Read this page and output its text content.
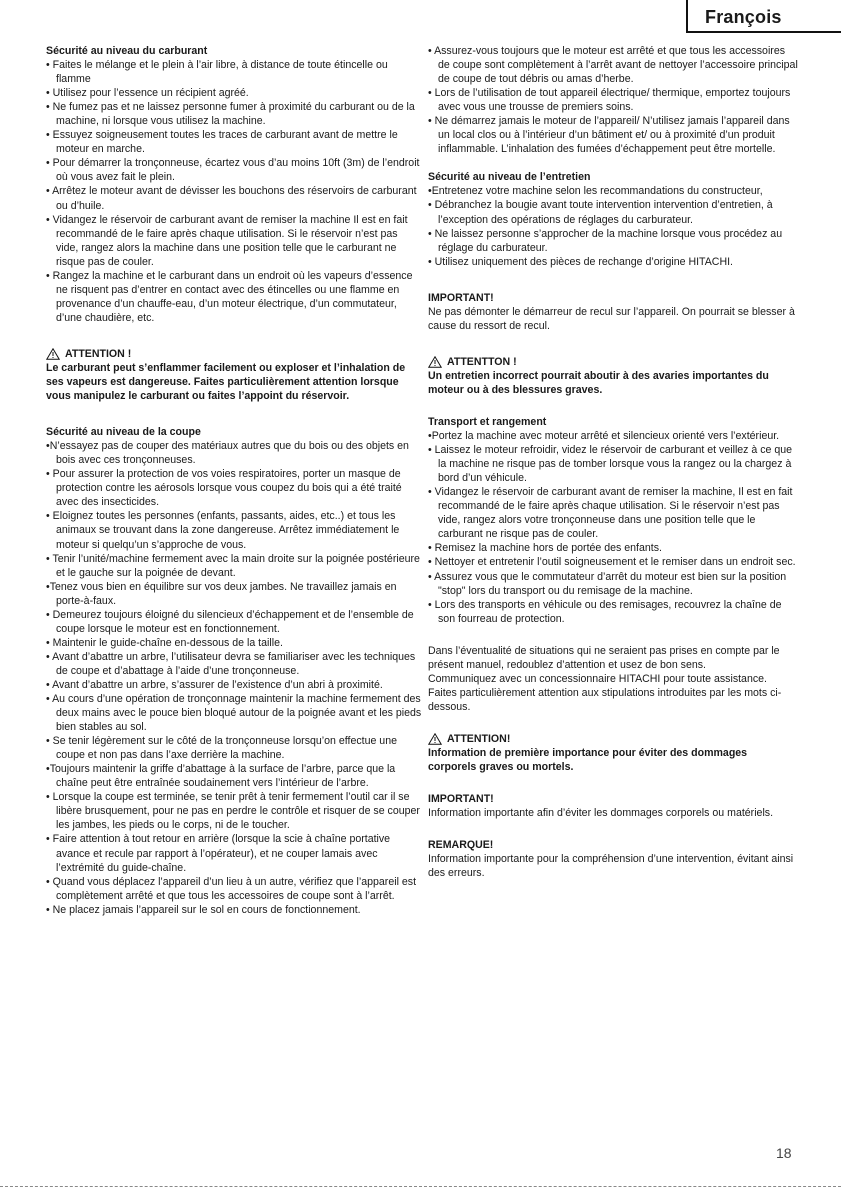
François

Sécurité au niveau du carburant

• Faites le mélange et le plein à l’air libre, à distance de toute étincelle ou flamme

• Utilisez pour l’essence un récipient agréé.

• Ne fumez pas et ne laissez personne fumer à proximité du carburant ou de la machine, ni lorsque vous utilisez la machine.

• Essuyez soigneusement toutes les traces de carburant avant de mettre le moteur en marche.

• Pour démarrer la tronçonneuse, écartez vous d’au moins 10ft (3m) de l’endroit où vous avez fait le plein.

• Arrêtez le moteur avant de dévisser les bouchons des réservoirs de carburant ou d’huile.

• Vidangez le réservoir de carburant avant de remiser la machine Il est en fait recommandé de le faire après chaque utilisation. Si le réservoir n’est pas vide, rangez alors la machine dans une position telle que le carburant ne risque pas de couler.

• Rangez la machine et le carburant dans un endroit où les vapeurs d’essence ne risquent pas d’entrer en contact avec des étincelles ou une flamme en provenance d’un chauffe-eau, d’un moteur électrique, d’un commutateur, d’une chaudière, etc.

ATTENTION !

Le carburant peut s’enflammer facilement ou exploser et l’inhalation de ses vapeurs est dangereuse. Faites particulièrement attention lorsque vous manipulez le carburant ou faites l’appoint du réservoir.

Sécurité au niveau de la coupe

•N’essayez pas de couper des matériaux autres que du bois ou des objets en bois avec ces tronçonneuses.

• Pour assurer la protection de vos voies respiratoires, porter un masque de protection contre les aérosols lorsque vous coupez du bois qui a été traité avec des insecticides.

• Eloignez toutes les personnes (enfants, passants, aides, etc..) et tous les animaux se trouvant dans la zone dangereuse. Arrêtez immédiatement le moteur si quelqu’un s’approche de vous.

• Tenir l’unité/machine fermement avec la main droite sur la poignée postérieure et le gauche sur la poignée de devant.

•Tenez vous bien en équilibre sur vos deux jambes. Ne travaillez jamais en porte-à-faux.

• Demeurez toujours éloigné du silencieux d’échappement et de l’ensemble de coupe lorsque le moteur est en fonctionnement.

• Maintenir le guide-chaîne en-dessous de la taille.

• Avant d’abattre un arbre, l’utilisateur devra se familiariser avec les techniques de coupe et d’abattage à l’aide d’une tronçonneuse.

• Avant d’abattre un arbre, s’assurer de l’existence d’un abri à proximité.

• Au cours d’une opération de tronçonnage maintenir la machine fermement des deux mains avec le pouce bien bloqué autour de la poignée avant et les pieds bien stables au sol.

• Se tenir légèrement sur le côté de la tronçonneuse lorsqu’on effectue une coupe et non pas dans l’axe derrière la machine.

•Toujours maintenir la griffe d’abattage à la surface de l’arbre, parce que la chaîne peut être entraînée soudainement vers l’intérieur de l’arbre.

• Lorsque la coupe est terminée, se tenir prêt à tenir fermement l’outil car il se libère brusquement, pour ne pas en perdre le contrôle et risquer de se couper les jambes, les pieds ou le corps, ni de le toucher.

• Faire attention à tout retour en arrière (lorsque la scie à chaîne portative avance et recule par rapport à l’opérateur), et ne couper lamais avec l’extrémité du guide-chaîne.

• Quand vous déplacez l’appareil d’un lieu à un autre, vérifiez que l’appareil est complètement arrêté et que tous les accessoires de coupe sont à l’arrêt.

• Ne placez jamais l’appareil sur le sol en cours de fonctionnement.

• Assurez-vous toujours que le moteur est arrêté et que tous les accessoires de coupe sont complètement à l’arrêt avant de nettoyer l’accessoire principal de coupe de tout débris ou amas d’herbe.

• Lors de l’utilisation de tout appareil électrique/ thermique, emportez toujours avec vous une trousse de premiers soins.

• Ne démarrez jamais le moteur de l’appareil/ N’utilisez jamais l’appareil dans un local clos ou à l’intérieur d’un bâtiment et/ ou à proximité d’un produit inflammable. L’inhalation des fumées d’échappement peut être mortelle.

Sécurité au niveau de l’entretien

•Entretenez votre machine selon les recommandations du constructeur,

• Débranchez la bougie avant toute intervention intervention d’entretien, à l’exception des opérations de réglages du carburateur.

• Ne laissez personne s’approcher de la machine lorsque vous procédez au réglage du carburateur.

• Utilisez uniquement des pièces de rechange d’origine HITACHI.

IMPORTANT!

Ne pas démonter le démarreur de recul sur l’appareil. On pourrait se blesser à cause du ressort de recul.

ATTENTTON !

Un entretien incorrect pourrait aboutir à des avaries importantes du moteur ou à des blessures graves.

Transport et rangement

•Portez la machine avec moteur arrêté et silencieux orienté vers l’extérieur.

• Laissez le moteur refroidir, videz le réservoir de carburant et veillez à ce que la machine ne risque pas de tomber lorsque vous la rangez ou la chargez à bord d’un véhicule.

• Vidangez le réservoir de carburant avant de remiser la machine, Il est en fait recommandé de le faire après chaque utilisation. Si le réservoir n’est pas vide, rangez alors votre tronçonneuse dans une position telle que le carburant ne risque pas de couler.

• Remisez la machine hors de portée des enfants.

• Nettoyer et entretenir l’outil soigneusement et le remiser dans un endroit sec.

• Assurez vous que le commutateur d’arrêt du moteur est bien sur la position "stop" lors du transport ou du remisage de la machine.

• Lors des transports en véhicule ou des remisages, recouvrez la chaîne de son fourreau de protection.

Dans l’éventualité de situations qui ne seraient pas prises en compte par le présent manuel, redoublez d’attention et usez de bon sens.

Communiquez avec un concessionnaire HITACHI pour toute assistance.

Faites particulièrement attention aux stipulations introduites par les mots ci-dessous.

ATTENTION!

Information de première importance pour éviter des dommages corporels graves ou mortels.

IMPORTANT!

Information importante afin d’éviter les dommages corporels ou matériels.

REMARQUE!

Information importante pour la compréhension d’une intervention, évitant ainsi des erreurs.

18
